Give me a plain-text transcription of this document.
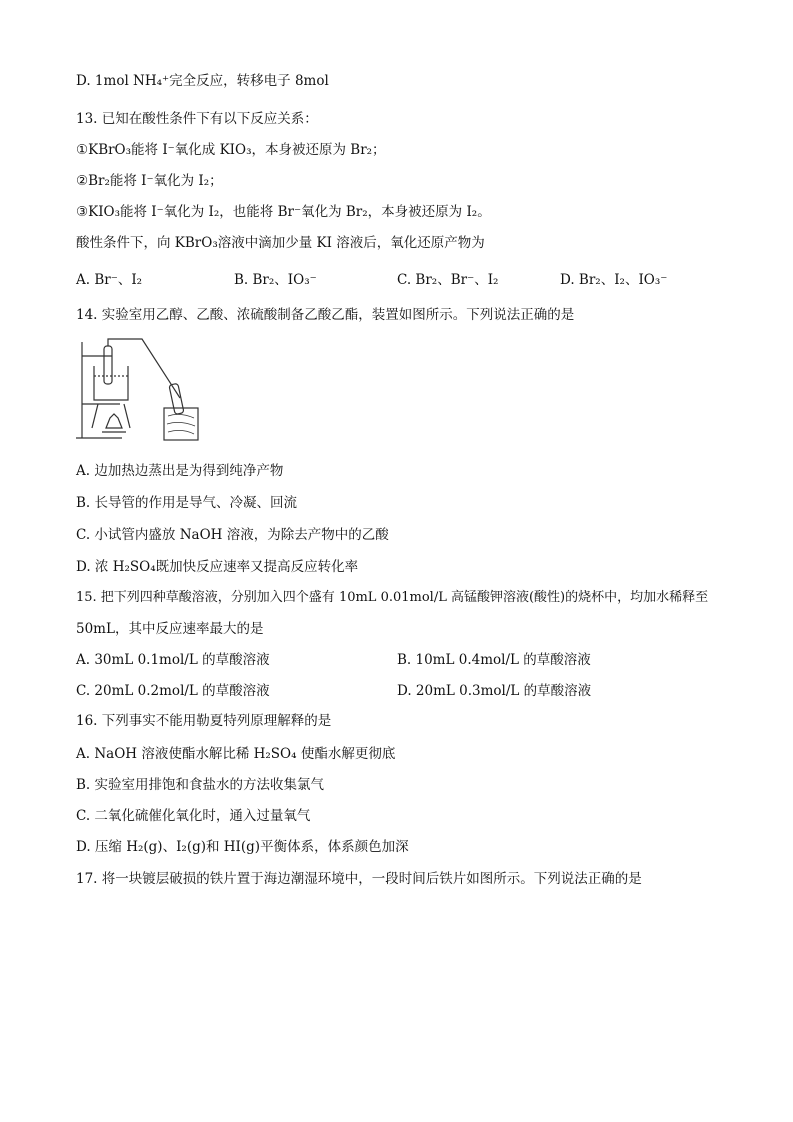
D. 1mol NH₄⁺完全反应，转移电子 8mol
13. 已知在酸性条件下有以下反应关系：
①KBrO₃能将 I⁻氧化成 KIO₃，本身被还原为 Br₂；
②Br₂能将 I⁻氧化为 I₂；
③KIO₃能将 I⁻氧化为 I₂，也能将 Br⁻氧化为 Br₂，本身被还原为 I₂。
酸性条件下，向 KBrO₃溶液中滴加少量 KI 溶液后，氧化还原产物为
A. Br⁻、I₂	B. Br₂、IO₃⁻	C. Br₂、Br⁻、I₂	D. Br₂、I₂、IO₃⁻
14. 实验室用乙醇、乙酸、浓硫酸制备乙酸乙酯，装置如图所示。下列说法正确的是
A. 边加热边蒸出是为得到纯净产物
B. 长导管的作用是导气、冷凝、回流
C. 小试管内盛放 NaOH 溶液，为除去产物中的乙酸
D. 浓 H₂SO₄既加快反应速率又提高反应转化率
15. 把下列四种草酸溶液，分别加入四个盛有 10mL 0.01mol/L 高锰酸钾溶液(酸性)的烧杯中，均加水稀释至
50mL，其中反应速率最大的是
A. 30mL 0.1mol/L 的草酸溶液	B. 10mL 0.4mol/L 的草酸溶液
C. 20mL 0.2mol/L 的草酸溶液	D. 20mL 0.3mol/L 的草酸溶液
16. 下列事实不能用勒夏特列原理解释的是
A. NaOH 溶液使酯水解比稀 H₂SO₄ 使酯水解更彻底
B. 实验室用排饱和食盐水的方法收集氯气
C. 二氧化硫催化氧化时，通入过量氧气
D. 压缩 H₂(g)、I₂(g)和 HI(g)平衡体系，体系颜色加深
17. 将一块镀层破损的铁片置于海边潮湿环境中，一段时间后铁片如图所示。下列说法正确的是
